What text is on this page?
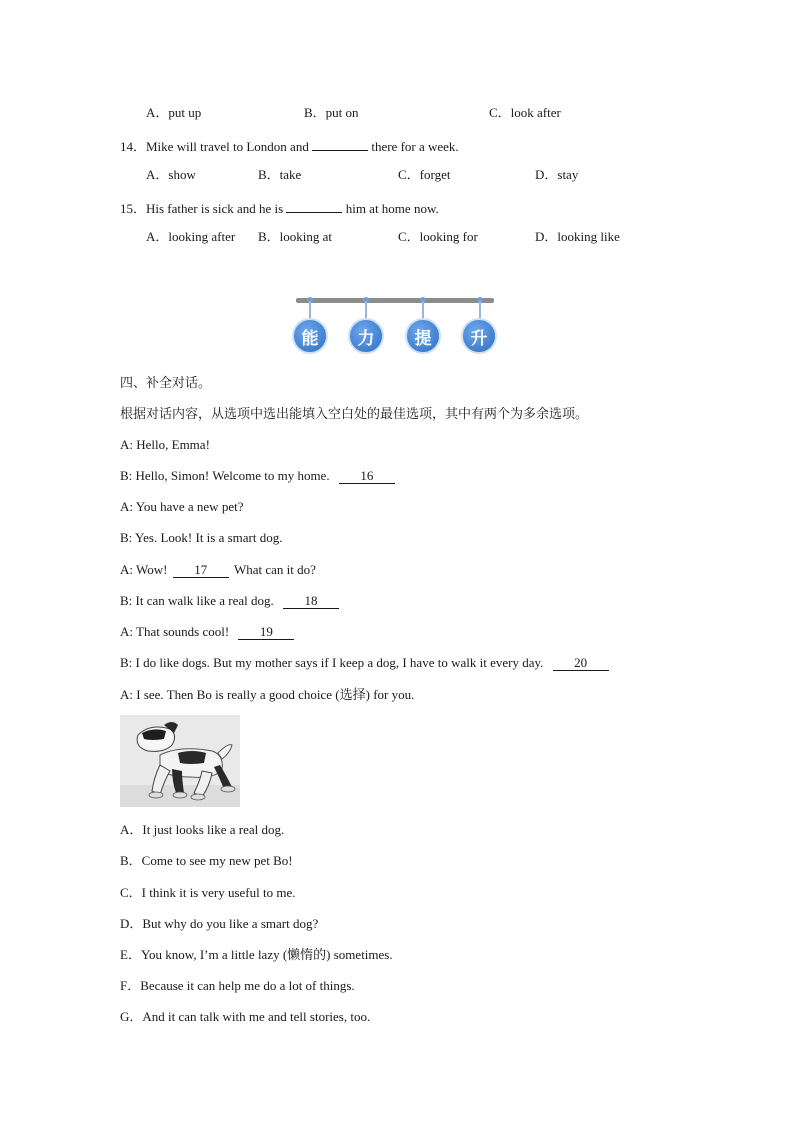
A．put up	B．put on	C．look after
14．Mike will travel to London and	there for a week.
A．show	B．take	C．forget	D．stay
15．His father is sick and he is	him at home now.
A．looking after B．looking at	C．looking for	D．looking like
能	力	提	升
四、补全对话。
根据对话内容，从选项中选出能填入空白处的最佳选项，其中有两个为多余选项。
A: Hello, Emma!
B: Hello, Simon! Welcome to my home. 16
A: You have a new pet?
B: Yes. Look! It is a smart dog.
A: Wow! 17 What can it do?
B: It can walk like a real dog. 18
A: That sounds cool! 19
B: I do like dogs. But my mother says if I keep a dog, I have to walk it every day. 20
A: I see. Then Bo is really a good choice (选择) for you.
A．It just looks like a real dog.
B．Come to see my new pet Bo!
C．I think it is very useful to me.
D．But why do you like a smart dog?
E．You know, I’m a little lazy (懒惰的) sometimes.
F．Because it can help me do a lot of things.
G．And it can talk with me and tell stories, too.
